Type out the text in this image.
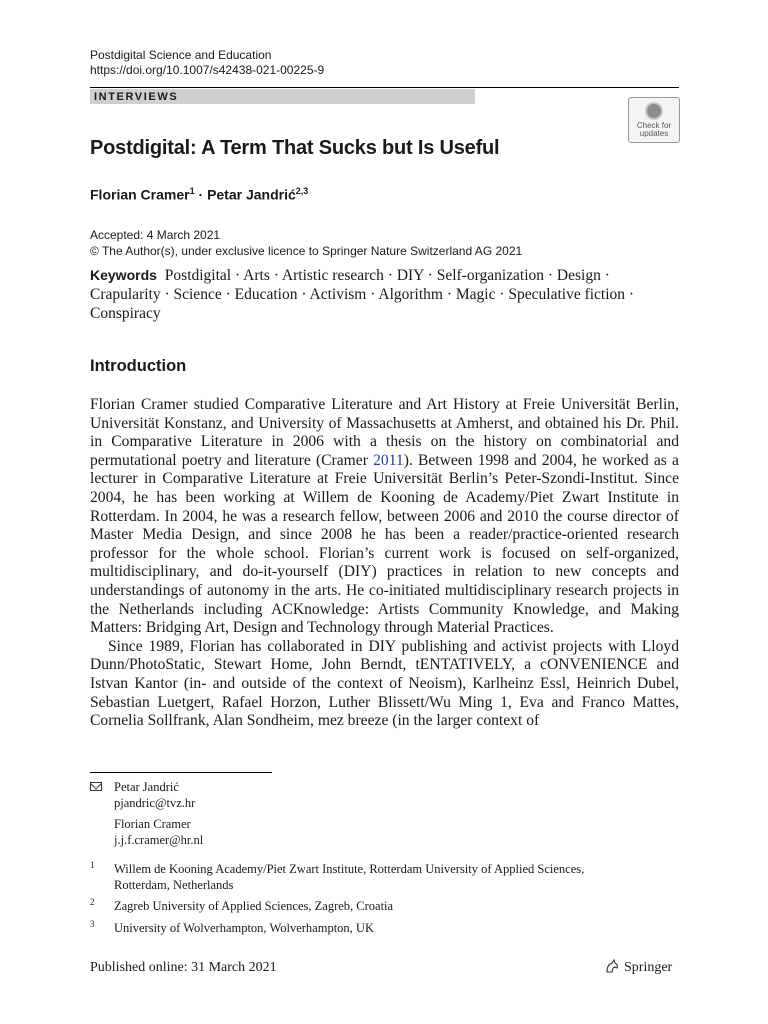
Postdigital Science and Education
https://doi.org/10.1007/s42438-021-00225-9
INTERVIEWS
Check for
updates
Postdigital: A Term That Sucks but Is Useful
Florian Cramer$^1$ · Petar Jandrić$^{2,3}$
Accepted: 4 March 2021
© The Author(s), under exclusive licence to Springer Nature Switzerland AG 2021
Keywords Postdigital · Arts · Artistic research · DIY · Self-organization · Design · Crapularity · Science · Education · Activism · Algorithm · Magic · Speculative fiction · Conspiracy
Introduction

Florian Cramer studied Comparative Literature and Art History at Freie Universität Berlin, Universität Konstanz, and University of Massachusetts at Amherst, and obtained his Dr. Phil. in Comparative Literature in 2006 with a thesis on the history on combinatorial and permutational poetry and literature (Cramer 2011). Between 1998 and 2004, he worked as a lecturer in Comparative Literature at Freie Universität Berlin’s Peter-Szondi-Institut. Since 2004, he has been working at Willem de Kooning de Academy/Piet Zwart Institute in Rotterdam. In 2004, he was a research fellow, between 2006 and 2010 the course director of Master Media Design, and since 2008 he has been a reader/practice-oriented research professor for the whole school. Florian’s current work is focused on self-organized, multidisciplinary, and do-it-yourself (DIY) practices in relation to new concepts and understandings of autonomy in the arts. He co-initiated multidisciplinary research projects in the Netherlands including ACKnowledge: Artists Community Knowledge, and Making Matters: Bridging Art, Design and Technology through Material Practices.

Since 1989, Florian has collaborated in DIY publishing and activist projects with Lloyd Dunn/PhotoStatic, Stewart Home, John Berndt, tENTATIVELY, a cONVENIENCE and Istvan Kantor (in- and outside of the context of Neoism), Karlheinz Essl, Heinrich Dubel, Sebastian Luetgert, Rafael Horzon, Luther Blissett/Wu Ming 1, Eva and Franco Mattes, Cornelia Sollfrank, Alan Sondheim, mez breeze (in the larger context of

Petar Jandrić
pjandric@tvz.hr
Florian Cramer
j.j.f.cramer@hr.nl
1 Willem de Kooning Academy/Piet Zwart Institute, Rotterdam University of Applied Sciences,
Rotterdam, Netherlands
2 Zagreb University of Applied Sciences, Zagreb, Croatia
3 University of Wolverhampton, Wolverhampton, UK
Published online: 31 March 2021	Springer
